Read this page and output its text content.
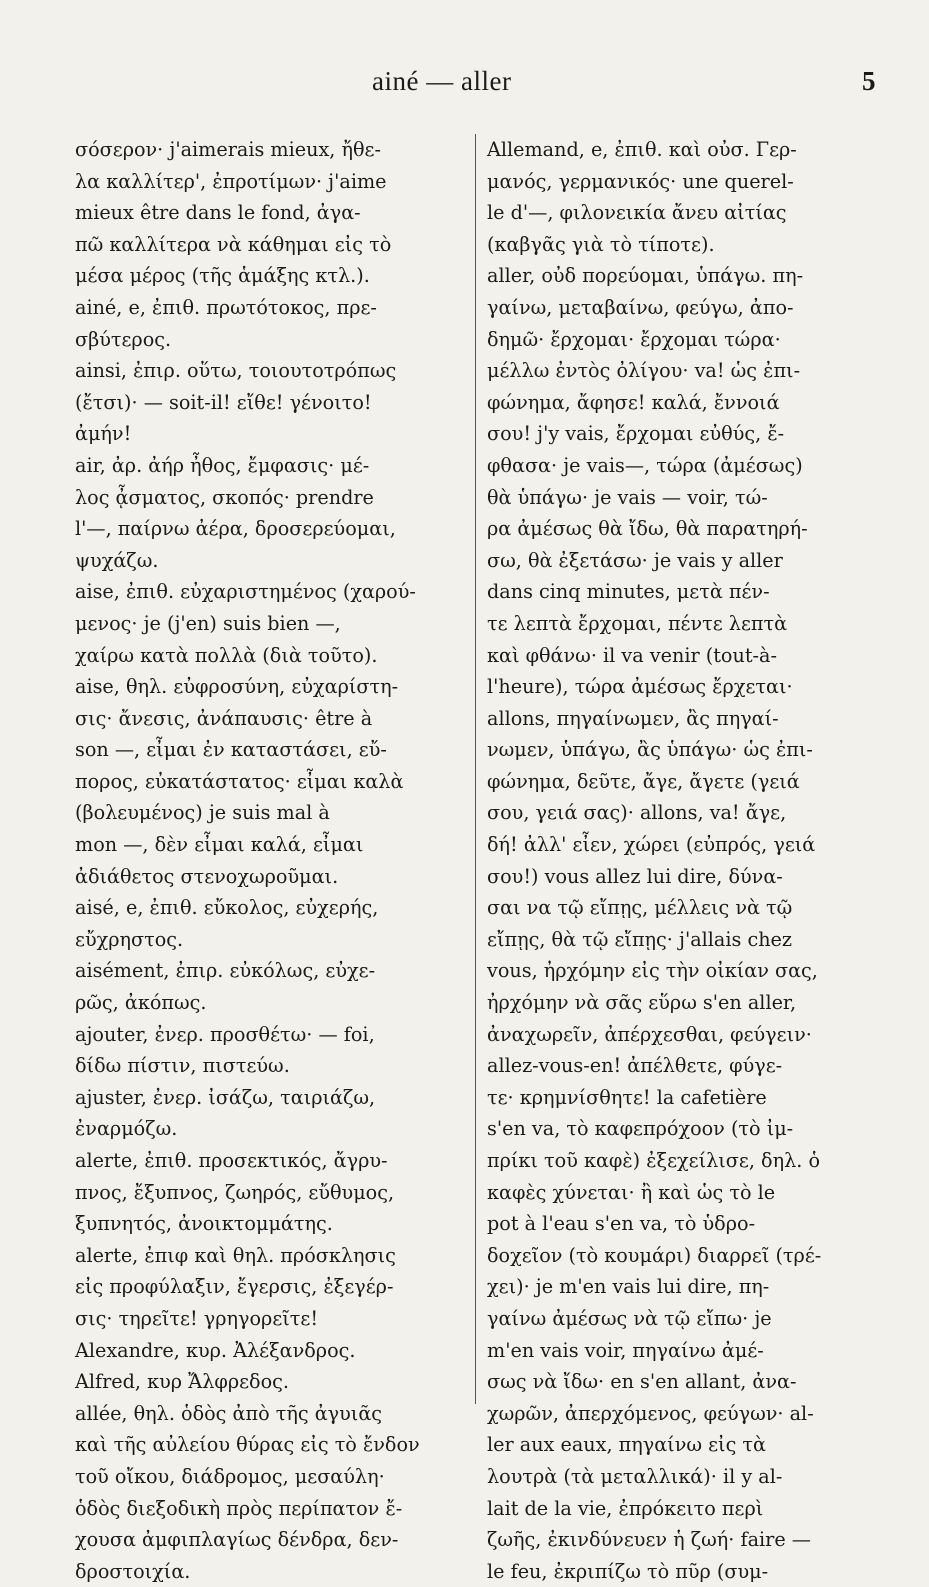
ainé — aller	5
σόσερον· j'aimerais mieux, ἤθε-
λα καλλίτερ', ἐπροτίμων· j'aime
mieux être dans le fond, ἀγα-
πῶ καλλίτερα νὰ κάθημαι εἰς τὸ
μέσα μέρος (τῆς ἁμάξης κτλ.).
ainé, e, ἐπιθ. πρωτότοκος, πρε-
σβύτερος.
ainsi, ἐπιρ. οὕτω, τοιουτοτρόπως
(ἔτσι)· — soit-il! εἴθε! γένοιτο!
ἀμήν!
air, ἀρ. ἀήρ ἦθος, ἔμφασις· μέ-
λος ᾆσματος, σκοπός· prendre
l'—, παίρνω ἀέρα, δροσερεύομαι,
ψυχάζω.
aise, ἐπιθ. εὐχαριστημένος (χαρού-
μενος· je (j'en) suis bien —,
χαίρω κατὰ πολλὰ (διὰ τοῦτο).
aise, θηλ. εὐφροσύνη, εὐχαρίστη-
σις· ἄνεσις, ἀνάπαυσις· être à
son —, εἶμαι ἐν καταστάσει, εὔ-
πορος, εὐκατάστατος· εἶμαι καλὰ
(βολευμένος) je suis mal à
mon —, δὲν εἶμαι καλά, εἶμαι
ἀδιάθετος στενοχωροῦμαι.
aisé, e, ἐπιθ. εὔκολος, εὐχερής,
εὔχρηστος.
aisément, ἐπιρ. εὐκόλως, εὐχε-
ρῶς, ἀκόπως.
ajouter, ἐνερ. προσθέτω· — foi,
δίδω πίστιν, πιστεύω.
ajuster, ἐνερ. ἰσάζω, ταιριάζω,
ἐναρμόζω.
alerte, ἐπιθ. προσεκτικός, ἄγρυ-
πνος, ἔξυπνος, ζωηρός, εὔθυμος,
ξυπνητός, ἀνοικτομμάτης.
alerte, ἐπιφ καὶ θηλ. πρόσκλησις
εἰς προφύλαξιν, ἔγερσις, ἐξεγέρ-
σις· τηρεῖτε! γρηγορεῖτε!
Alexandre, κυρ. Ἀλέξανδρος.
Alfred, κυρ Ἄλφρεδος.
allée, θηλ. ὁδὸς ἀπὸ τῆς ἀγυιᾶς
καὶ τῆς αὐλείου θύρας εἰς τὸ ἔνδον
τοῦ οἴκου, διάδρομος, μεσαύλη·
ὁδὸς διεξοδικὴ πρὸς περίπατον ἔ-
χουσα ἀμφιπλαγίως δένδρα, δεν-
δροστοιχία.
Allemand, e, ἐπιθ. καὶ οὐσ. Γερ-
μανός, γερμανικός· une querel-
le d'—, φιλονεικία ἄνευ αἰτίας
(καβγᾶς γιὰ τὸ τίποτε).
aller, οὐδ πορεύομαι, ὑπάγω. πη-
γαίνω, μεταβαίνω, φεύγω, ἀπο-
δημῶ· ἔρχομαι· ἔρχομαι τώρα·
μέλλω ἐντὸς ὀλίγου· va! ὡς ἐπι-
φώνημα, ἄφησε! καλά, ἔννοιά
σου! j'y vais, ἔρχομαι εὐθύς, ἔ-
φθασα· je vais—, τώρα (ἀμέσως)
θὰ ὑπάγω· je vais — voir, τώ-
ρα ἀμέσως θὰ ἴδω, θὰ παρατηρή-
σω, θὰ ἐξετάσω· je vais y aller
dans cinq minutes, μετὰ πέν-
τε λεπτὰ ἔρχομαι, πέντε λεπτὰ
καὶ φθάνω· il va venir (tout-à-
l'heure), τώρα ἀμέσως ἔρχεται·
allons, πηγαίνωμεν, ἂς πηγαί-
νωμεν, ὑπάγω, ἂς ὑπάγω· ὡς ἐπι-
φώνημα, δεῦτε, ἄγε, ἄγετε (γειά
σου, γειά σας)· allons, va! ἄγε,
δή! ἀλλ' εἶεν, χώρει (εὐπρός, γειά
σου!) vous allez lui dire, δύνα-
σαι να τῷ εἴπῃς, μέλλεις νὰ τῷ
εἴπῃς, θὰ τῷ εἴπῃς· j'allais chez
vous, ἠρχόμην εἰς τὴν οἰκίαν σας,
ἠρχόμην νὰ σᾶς εὕρω s'en aller,
ἀναχωρεῖν, ἀπέρχεσθαι, φεύγειν·
allez-vous-en! ἀπέλθετε, φύγε-
τε· κρημνίσθητε! la cafetière
s'en va, τὸ καφεπρόχοον (τὸ ἰμ-
πρίκι τοῦ καφὲ) ἐξεχείλισε, δηλ. ὁ
καφὲς χύνεται· ἢ καὶ ὡς τὸ le
pot à l'eau s'en va, τὸ ὑδρο-
δοχεῖον (τὸ κουμάρι) διαρρεῖ (τρέ-
χει)· je m'en vais lui dire, πη-
γαίνω ἀμέσως νὰ τῷ εἴπω· je
m'en vais voir, πηγαίνω ἀμέ-
σως νὰ ἴδω· en s'en allant, ἀνα-
χωρῶν, ἀπερχόμενος, φεύγων· al-
ler aux eaux, πηγαίνω εἰς τὰ
λουτρὰ (τὰ μεταλλικά)· il y al-
lait de la vie, ἐπρόκειτο περὶ
ζωῆς, ἐκινδύνευεν ἡ ζωή· faire —
le feu, ἐκριπίζω τὸ πῦρ (συμ-
